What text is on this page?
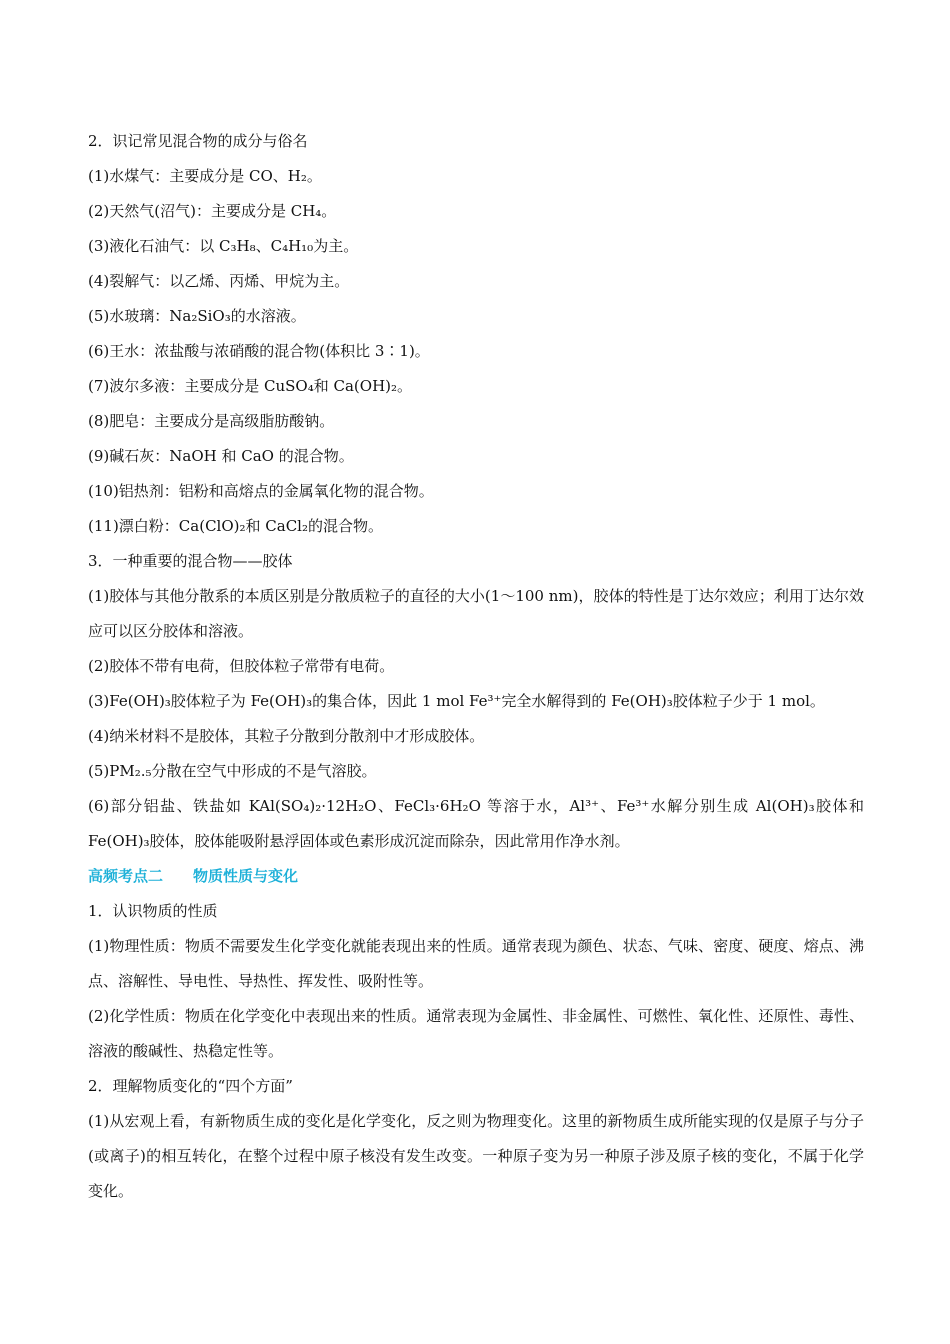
2．识记常见混合物的成分与俗名
(1)水煤气：主要成分是 CO、H₂。
(2)天然气(沼气)：主要成分是 CH₄。
(3)液化石油气：以 C₃H₈、C₄H₁₀为主。
(4)裂解气：以乙烯、丙烯、甲烷为主。
(5)水玻璃：Na₂SiO₃的水溶液。
(6)王水：浓盐酸与浓硝酸的混合物(体积比 3∶1)。
(7)波尔多液：主要成分是 CuSO₄和 Ca(OH)₂。
(8)肥皂：主要成分是高级脂肪酸钠。
(9)碱石灰：NaOH 和 CaO 的混合物。
(10)铝热剂：铝粉和高熔点的金属氧化物的混合物。
(11)漂白粉：Ca(ClO)₂和 CaCl₂的混合物。
3．一种重要的混合物——胶体
(1)胶体与其他分散系的本质区别是分散质粒子的直径的大小(1～100 nm)，胶体的特性是丁达尔效应；利用丁达尔效应可以区分胶体和溶液。
(2)胶体不带有电荷，但胶体粒子常带有电荷。
(3)Fe(OH)₃胶体粒子为 Fe(OH)₃的集合体，因此 1 mol Fe³⁺完全水解得到的 Fe(OH)₃胶体粒子少于 1 mol。
(4)纳米材料不是胶体，其粒子分散到分散剂中才形成胶体。
(5)PM₂.₅分散在空气中形成的不是气溶胶。
(6)部分铝盐、铁盐如 KAl(SO₄)₂·12H₂O、FeCl₃·6H₂O 等溶于水，Al³⁺、Fe³⁺水解分别生成 Al(OH)₃胶体和 Fe(OH)₃胶体，胶体能吸附悬浮固体或色素形成沉淀而除杂，因此常用作净水剂。
高频考点二　　物质性质与变化
1．认识物质的性质
(1)物理性质：物质不需要发生化学变化就能表现出来的性质。通常表现为颜色、状态、气味、密度、硬度、熔点、沸点、溶解性、导电性、导热性、挥发性、吸附性等。
(2)化学性质：物质在化学变化中表现出来的性质。通常表现为金属性、非金属性、可燃性、氧化性、还原性、毒性、溶液的酸碱性、热稳定性等。
2．理解物质变化的“四个方面”
(1)从宏观上看，有新物质生成的变化是化学变化，反之则为物理变化。这里的新物质生成所能实现的仅是原子与分子(或离子)的相互转化，在整个过程中原子核没有发生改变。一种原子变为另一种原子涉及原子核的变化，不属于化学变化。
